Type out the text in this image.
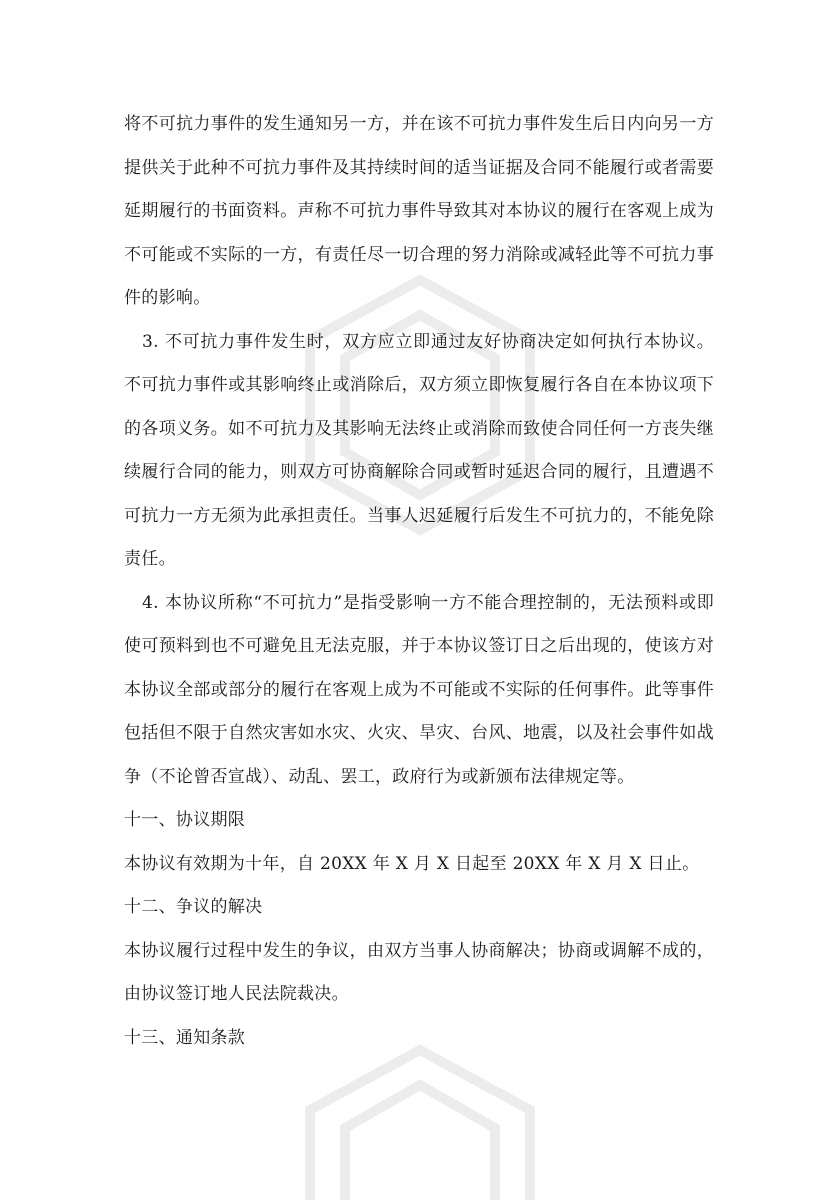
将不可抗力事件的发生通知另一方，并在该不可抗力事件发生后日内向另一方提供关于此种不可抗力事件及其持续时间的适当证据及合同不能履行或者需要延期履行的书面资料。声称不可抗力事件导致其对本协议的履行在客观上成为不可能或不实际的一方，有责任尽一切合理的努力消除或减轻此等不可抗力事件的影响。

3. 不可抗力事件发生时，双方应立即通过友好协商决定如何执行本协议。不可抗力事件或其影响终止或消除后，双方须立即恢复履行各自在本协议项下的各项义务。如不可抗力及其影响无法终止或消除而致使合同任何一方丧失继续履行合同的能力，则双方可协商解除合同或暂时延迟合同的履行，且遭遇不可抗力一方无须为此承担责任。当事人迟延履行后发生不可抗力的，不能免除责任。

4. 本协议所称“不可抗力”是指受影响一方不能合理控制的，无法预料或即使可预料到也不可避免且无法克服，并于本协议签订日之后出现的，使该方对本协议全部或部分的履行在客观上成为不可能或不实际的任何事件。此等事件包括但不限于自然灾害如水灾、火灾、旱灾、台风、地震，以及社会事件如战争（不论曾否宣战）、动乱、罢工，政府行为或新颁布法律规定等。

十一、协议期限

本协议有效期为十年，自 20XX 年 X 月 X 日起至 20XX 年 X 月 X 日止。

十二、争议的解决

本协议履行过程中发生的争议，由双方当事人协商解决；协商或调解不成的，由协议签订地人民法院裁决。

十三、通知条款
